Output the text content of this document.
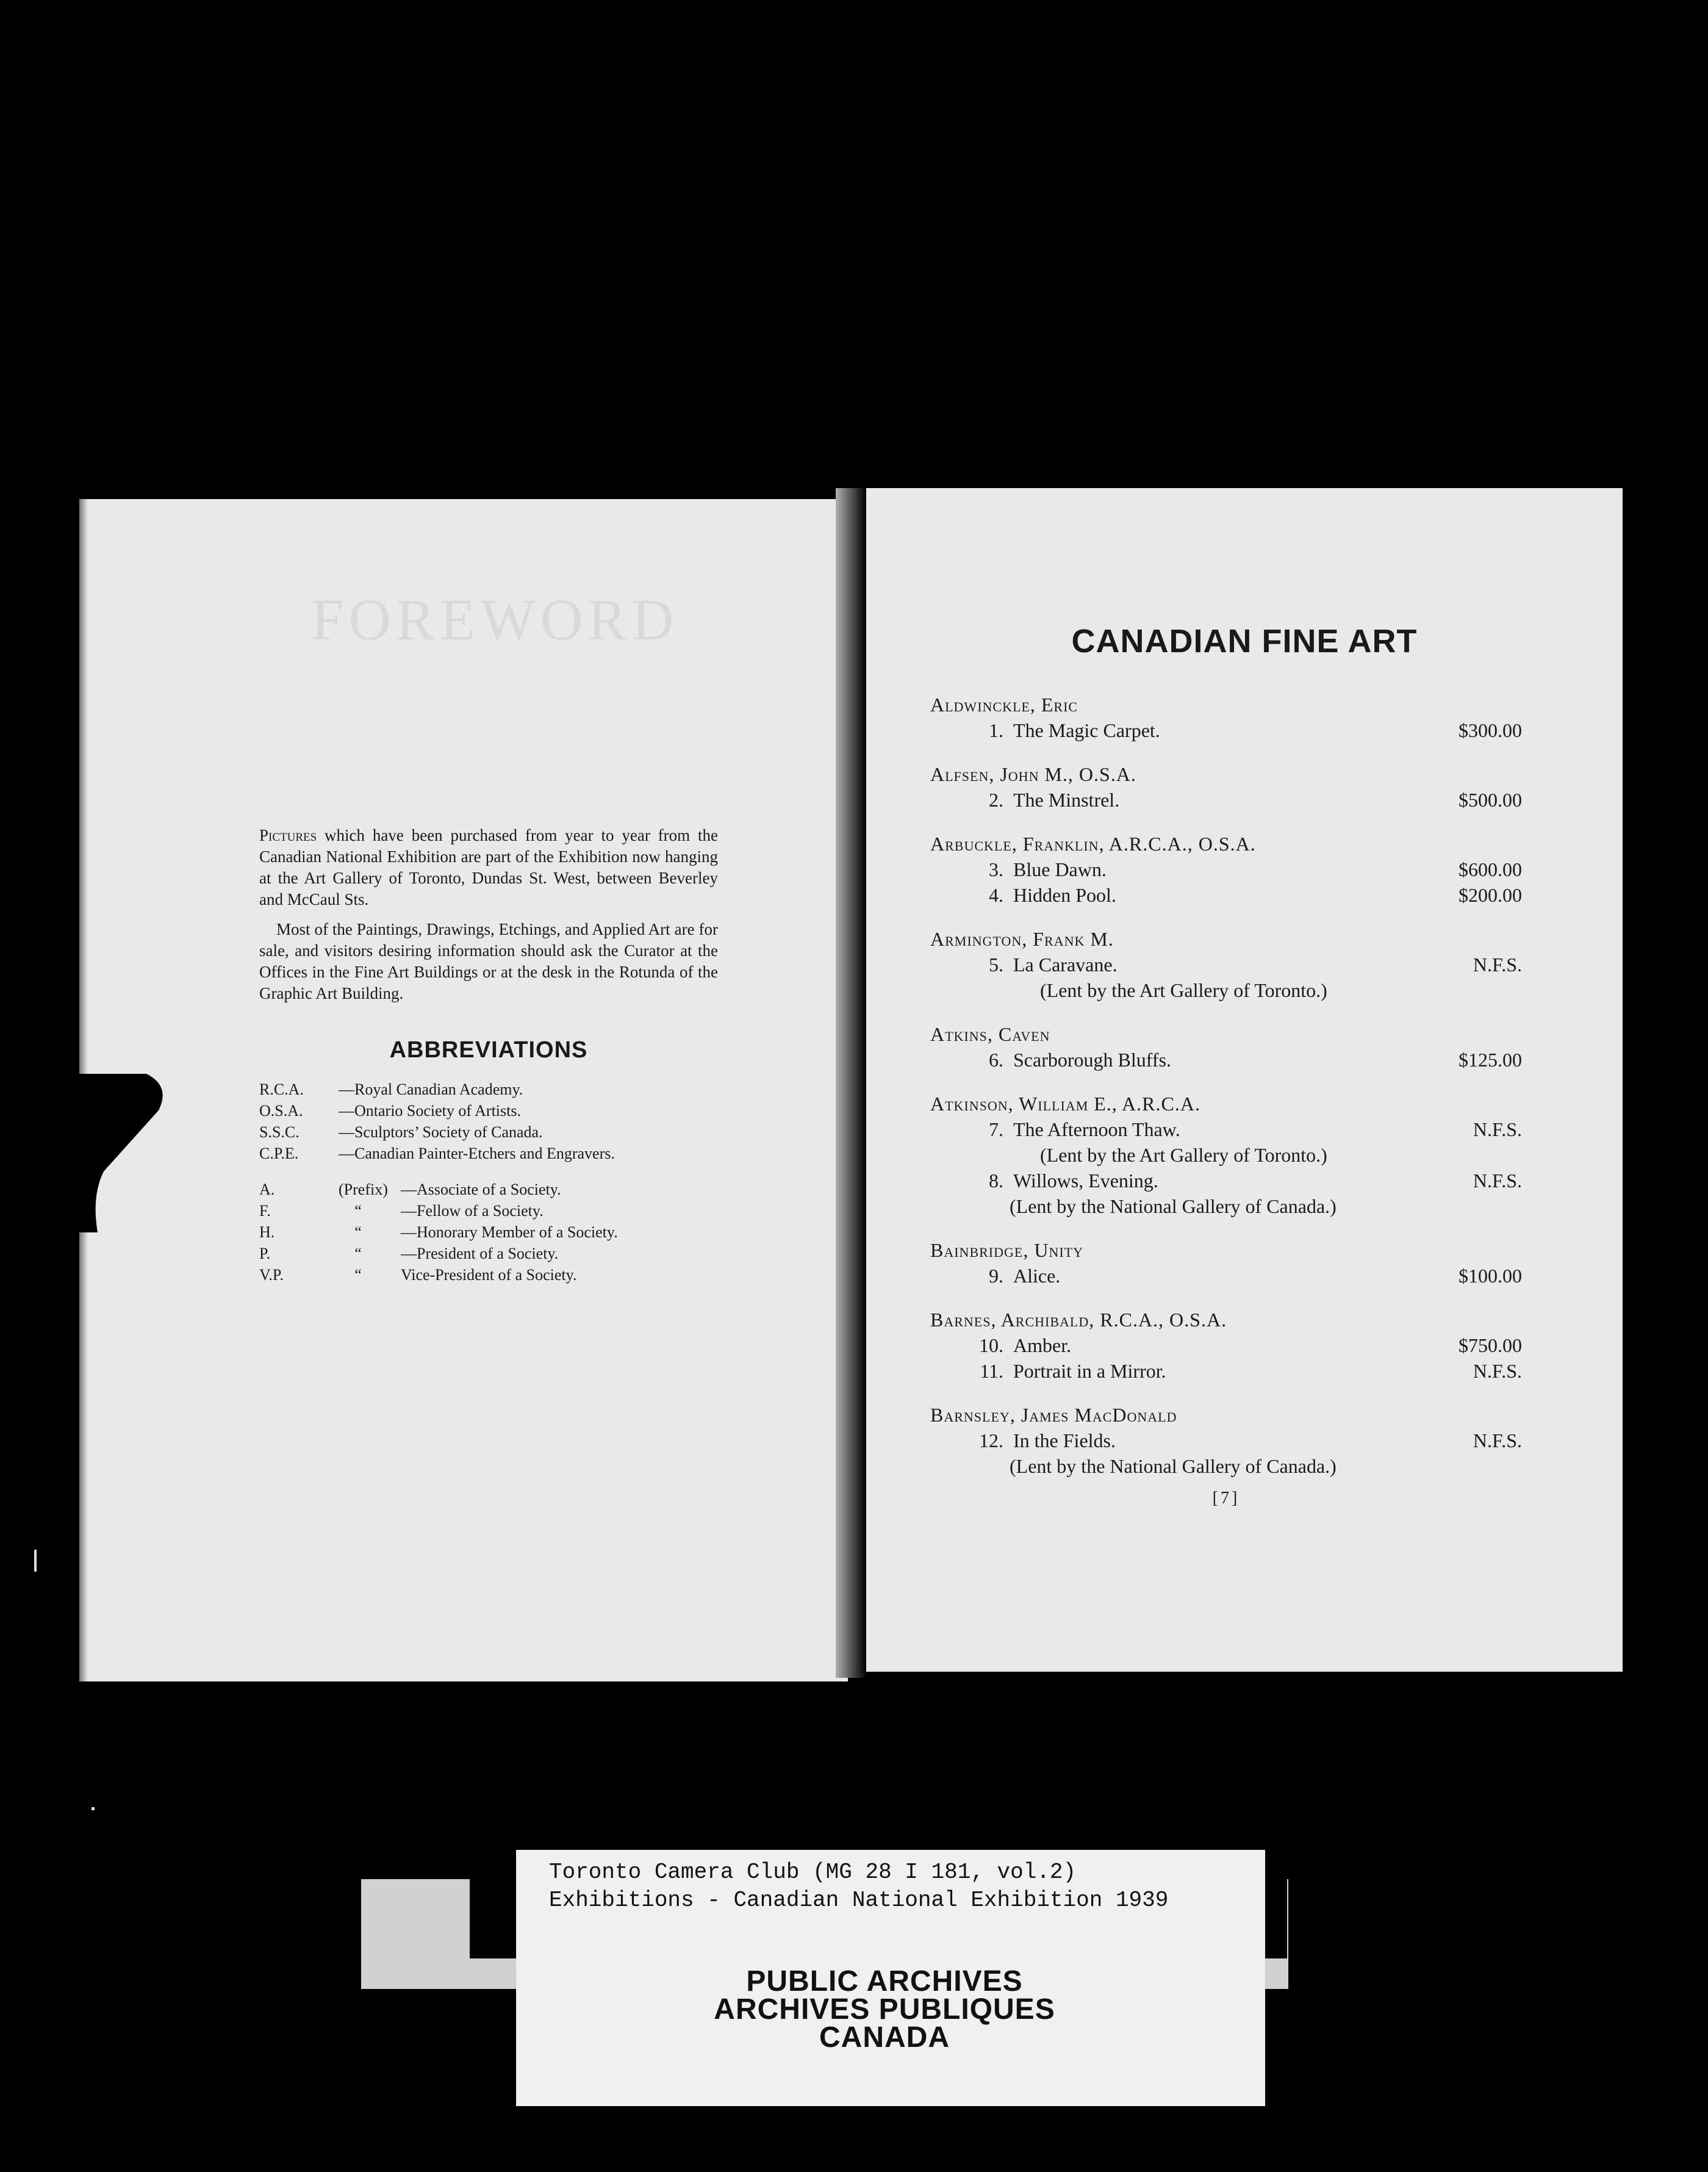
FOREWORD

Pictures which have been purchased from year to year from the Canadian National Exhibition are part of the Exhibition now hanging at the Art Gallery of Toronto, Dundas St. West, between Beverley and McCaul Sts.

Most of the Paintings, Drawings, Etchings, and Applied Art are for sale, and visitors desiring information should ask the Curator at the Offices in the Fine Art Buildings or at the desk in the Rotunda of the Graphic Art Building.

ABBREVIATIONS
R.C.A.	—Royal Canadian Academy.
O.S.A.	—Ontario Society of Artists.
S.S.C.	—Sculptors’ Society of Canada.
C.P.E.	—Canadian Painter-Etchers and Engravers.
A.	(Prefix) —Associate of a Society.
F.	“	—Fellow of a Society.
H.	“	—Honorary Member of a Society.
P.	“	—President of a Society.
V.P.	“	Vice-President of a Society.
CANADIAN FINE ART
Aldwinckle, Eric
1. The Magic Carpet.	$300.00
Alfsen, John M., O.S.A.
2. The Minstrel.	$500.00
Arbuckle, Franklin, A.R.C.A., O.S.A.
3. Blue Dawn.	$600.00
4. Hidden Pool.	$200.00
Armington, Frank M.
5. La Caravane.	N.F.S.
(Lent by the Art Gallery of Toronto.)
Atkins, Caven
6. Scarborough Bluffs.	$125.00
Atkinson, William E., A.R.C.A.
7. The Afternoon Thaw.	N.F.S.
(Lent by the Art Gallery of Toronto.)
8. Willows, Evening.	N.F.S.
(Lent by the National Gallery of Canada.)
Bainbridge, Unity
9. Alice.	$100.00
Barnes, Archibald, R.C.A., O.S.A.
10. Amber.	$750.00
11. Portrait in a Mirror.	N.F.S.
Barnsley, James MacDonald
12. In the Fields.	N.F.S.
(Lent by the National Gallery of Canada.)
[7]
Toronto Camera Club (MG 28 I 181, vol.2)
Exhibitions - Canadian National Exhibition 1939
PUBLIC ARCHIVES
ARCHIVES PUBLIQUES
CANADA
